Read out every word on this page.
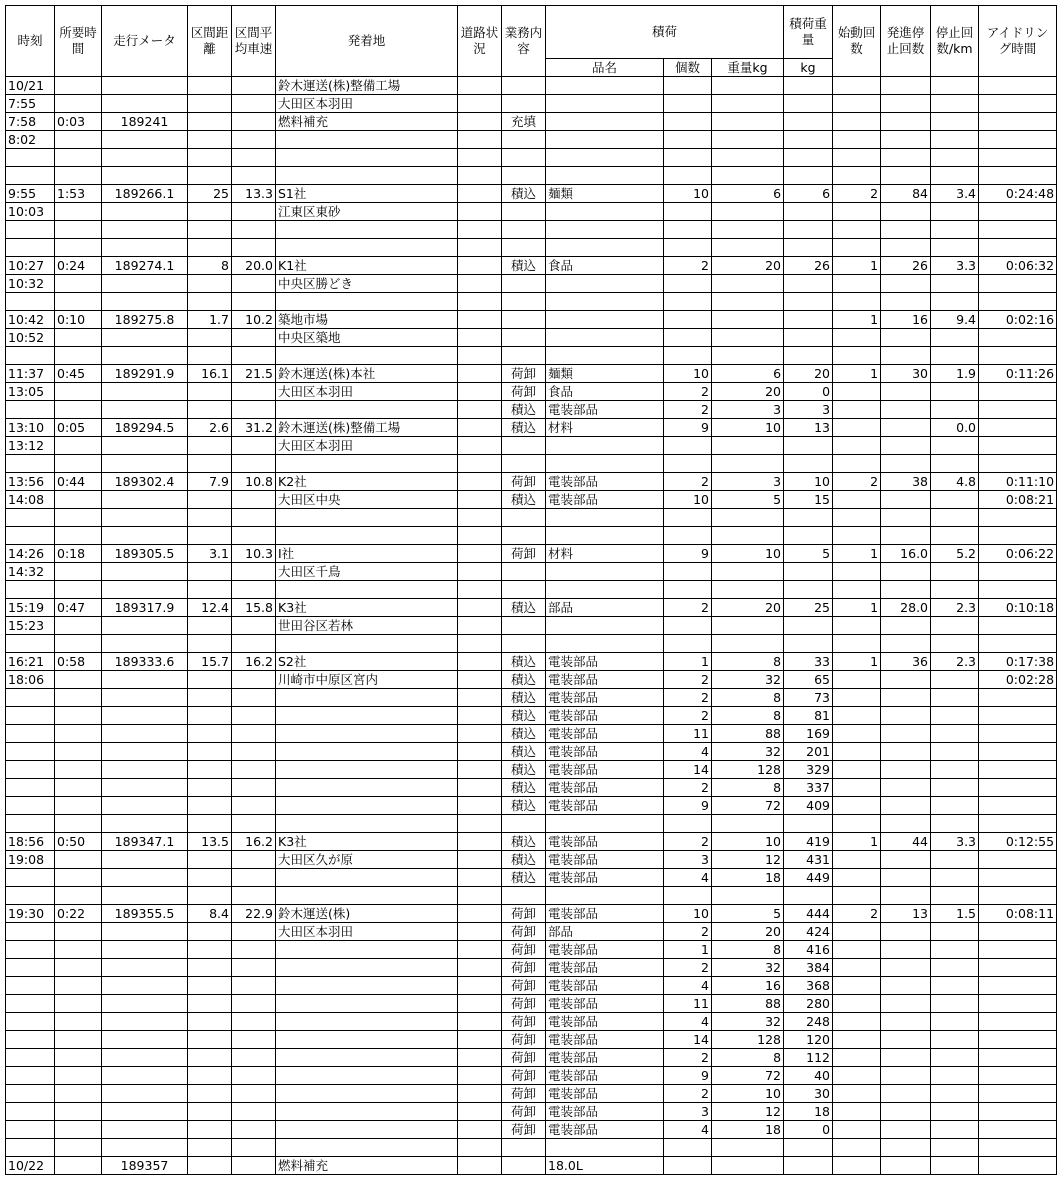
時刻	所要時間	走行メータ	区間距離	区間平均車速	発着地	道路状況	業務内容	積荷			積荷重量	始動回数	発進停止回数	停止回数/km	アイドリング時間
								品名	個数	重量kg	kg				
10/21					鈴木運送(株)整備工場										
7:55					大田区本羽田										
7:58	0:03	189241			燃料補充		充填								
8:02															

9:55	1:53	189266.1	25	13.3	S1社		積込	麺類	10	6	6	2	84	3.4	0:24:48
10:03					江東区東砂										

10:27	0:24	189274.1	8	20.0	K1社		積込	食品	2	20	26	1	26	3.3	0:06:32
10:32					中央区勝どき										

10:42	0:10	189275.8	1.7	10.2	築地市場							1	16	9.4	0:02:16
10:52					中央区築地										

11:37	0:45	189291.9	16.1	21.5	鈴木運送(株)本社		荷卸	麺類	10	6	20	1	30	1.9	0:11:26
13:05					大田区本羽田		荷卸	食品	2	20	0				
							積込	電装部品	2	3	3				
13:10	0:05	189294.5	2.6	31.2	鈴木運送(株)整備工場		積込	材料	9	10	13			0.0	
13:12					大田区本羽田										

13:56	0:44	189302.4	7.9	10.8	K2社		荷卸	電装部品	2	3	10	2	38	4.8	0:11:10
14:08					大田区中央		積込	電装部品	10	5	15				0:08:21

14:26	0:18	189305.5	3.1	10.3	I社		荷卸	材料	9	10	5	1	16.0	5.2	0:06:22
14:32					大田区千鳥										

15:19	0:47	189317.9	12.4	15.8	K3社		積込	部品	2	20	25	1	28.0	2.3	0:10:18
15:23					世田谷区若林										

16:21	0:58	189333.6	15.7	16.2	S2社		積込	電装部品	1	8	33	1	36	2.3	0:17:38
18:06					川崎市中原区宮内		積込	電装部品	2	32	65				0:02:28
							積込	電装部品	2	8	73				
							積込	電装部品	2	8	81				
							積込	電装部品	11	88	169				
							積込	電装部品	4	32	201				
							積込	電装部品	14	128	329				
							積込	電装部品	2	8	337				
							積込	電装部品	9	72	409				

18:56	0:50	189347.1	13.5	16.2	K3社		積込	電装部品	2	10	419	1	44	3.3	0:12:55
19:08					大田区久が原		積込	電装部品	3	12	431				
							積込	電装部品	4	18	449				

19:30	0:22	189355.5	8.4	22.9	鈴木運送(株)		荷卸	電装部品	10	5	444	2	13	1.5	0:08:11
					大田区本羽田		荷卸	部品	2	20	424				
							荷卸	電装部品	1	8	416				
							荷卸	電装部品	2	32	384				
							荷卸	電装部品	4	16	368				
							荷卸	電装部品	11	88	280				
							荷卸	電装部品	4	32	248				
							荷卸	電装部品	14	128	120				
							荷卸	電装部品	2	8	112				
							荷卸	電装部品	9	72	40				
							荷卸	電装部品	2	10	30				
							荷卸	電装部品	3	12	18				
							荷卸	電装部品	4	18	0				

10/22		189357			燃料補充			18.0L							
